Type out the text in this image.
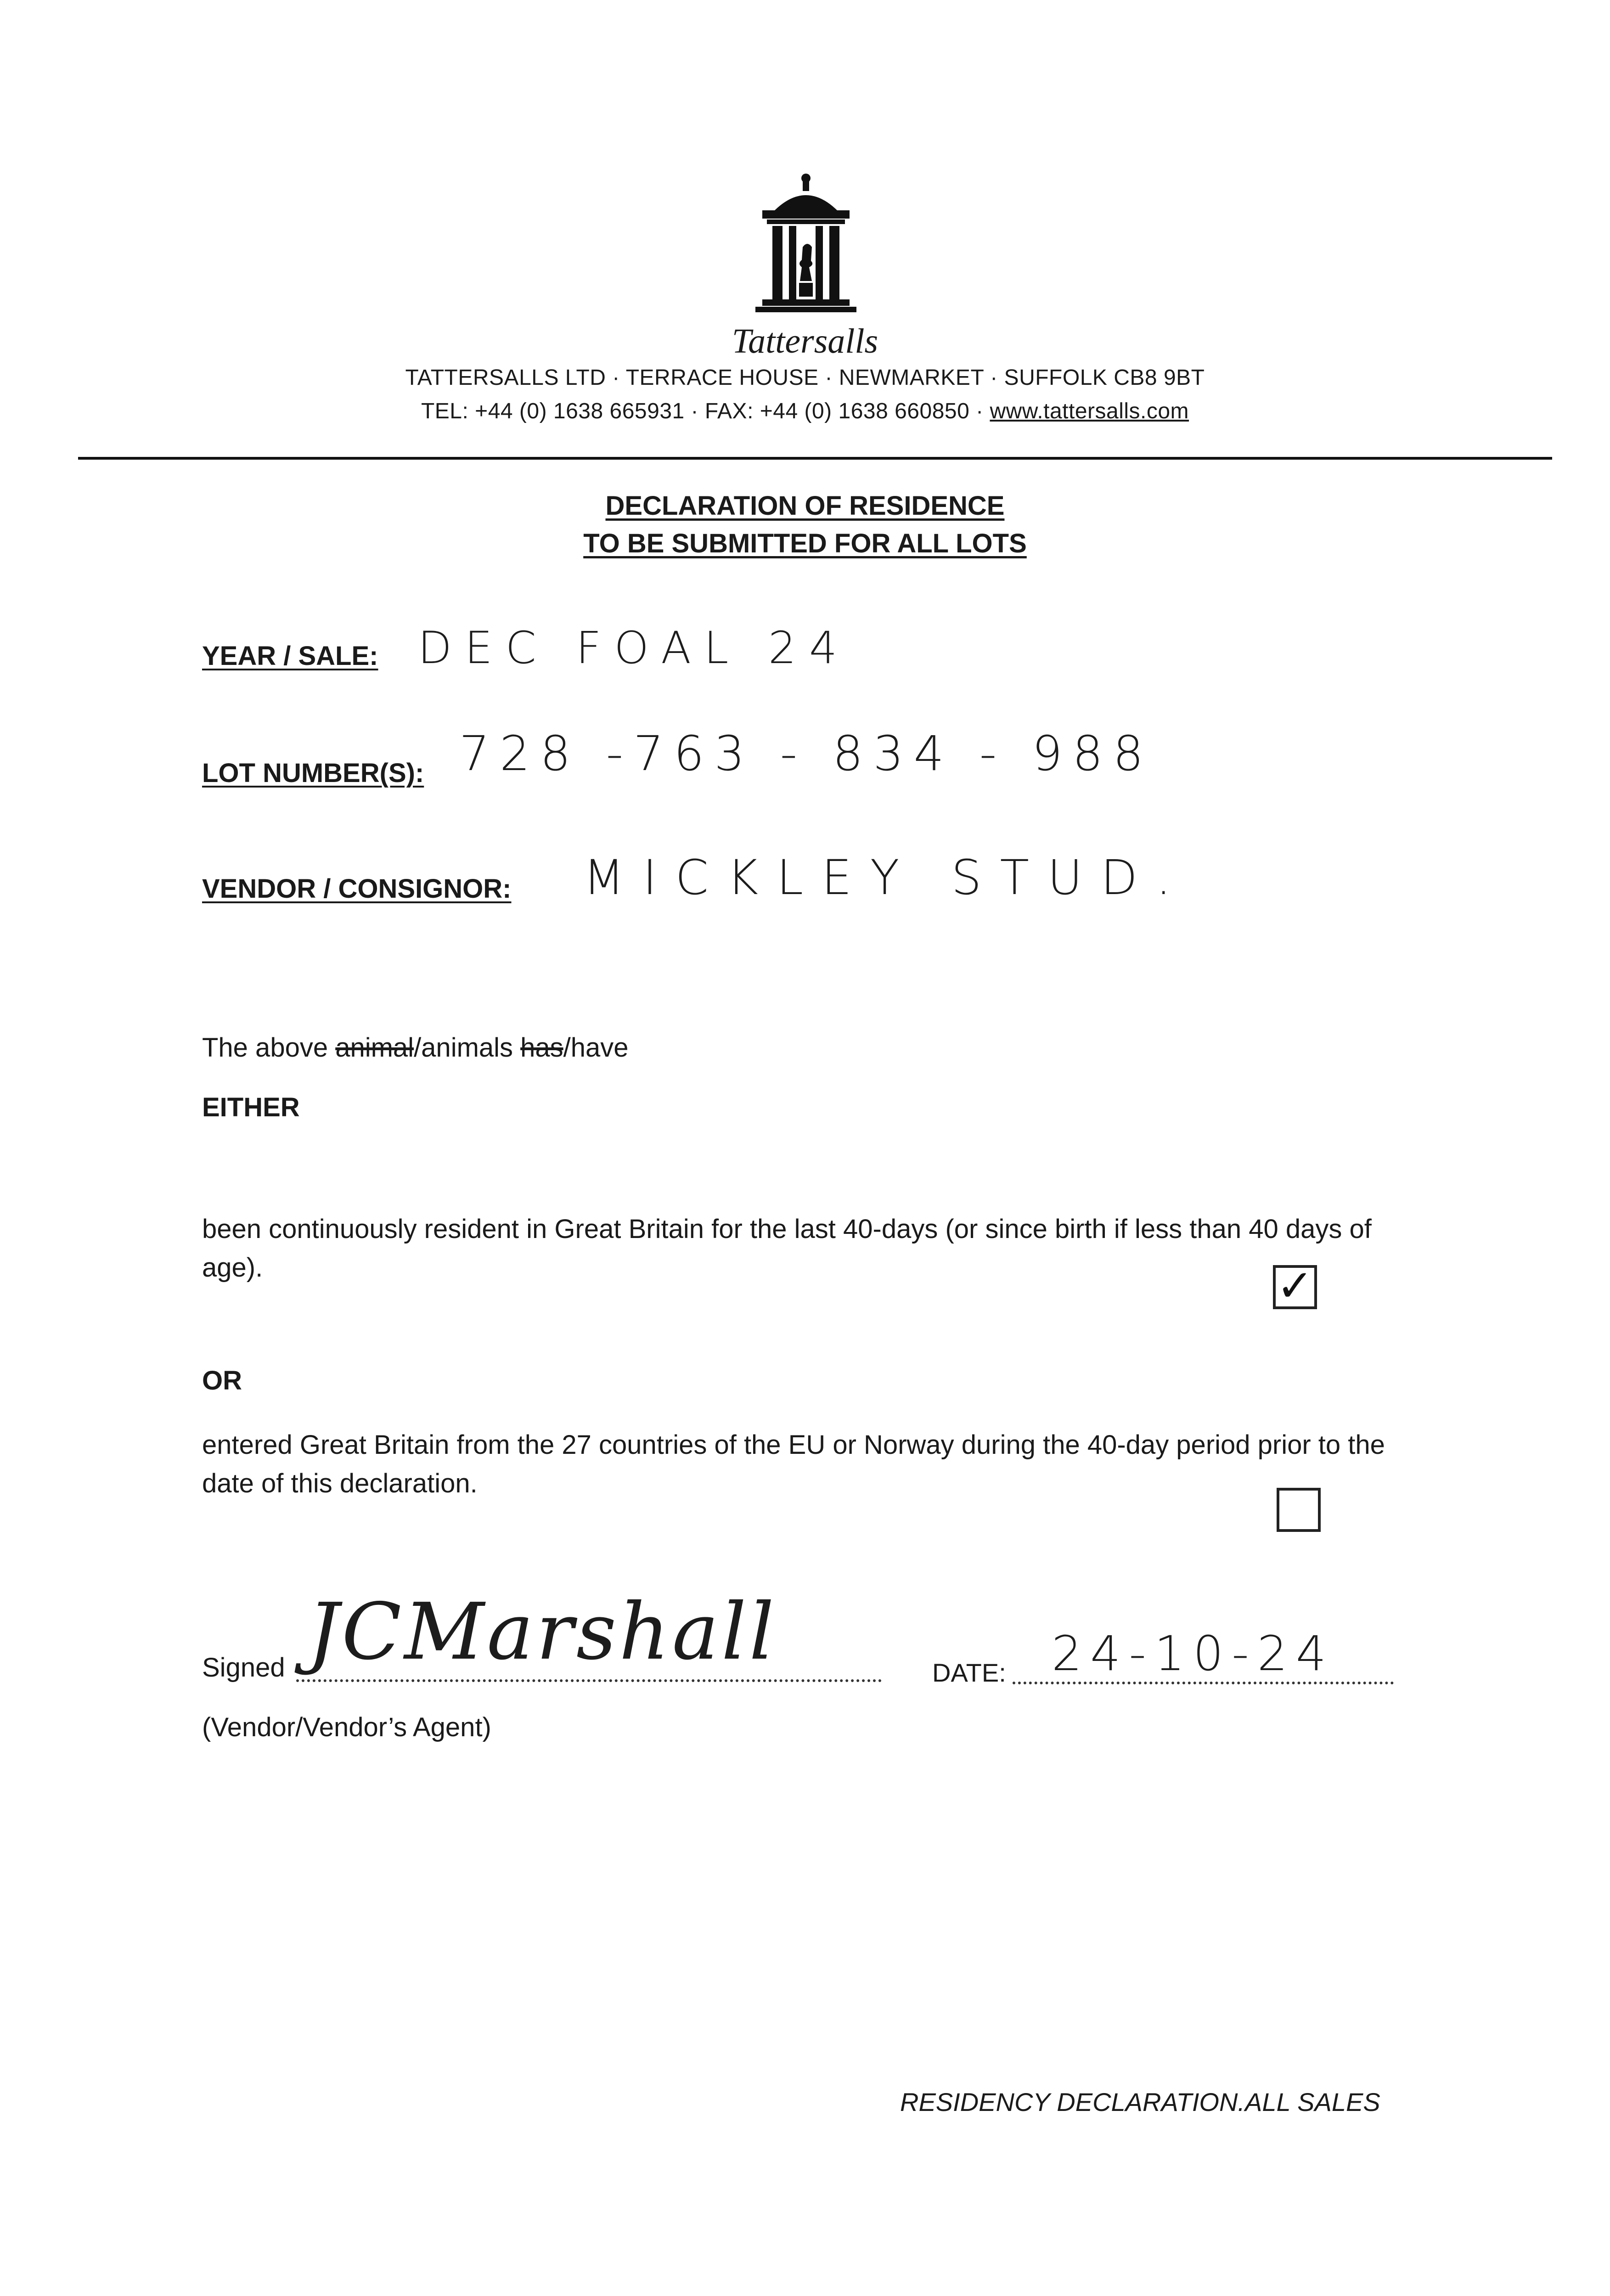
Tattersalls
TATTERSALLS LTD · TERRACE HOUSE · NEWMARKET · SUFFOLK CB8 9BT
TEL: +44 (0) 1638 665931 · FAX: +44 (0) 1638 660850 · www.tattersalls.com
DECLARATION OF RESIDENCE
TO BE SUBMITTED FOR ALL LOTS
YEAR / SALE: DEC FOAL 24
LOT NUMBER(S): 728 -763 - 834 - 988
VENDOR / CONSIGNOR: MICKLEY STUD.
The above animal/animals has/have
EITHER
been continuously resident in Great Britain for the last 40-days (or since birth if less than 40 days of age).	✓
OR
entered Great Britain from the 27 countries of the EU or Norway during the 40-day period prior to the date of this declaration.
Signed JCMarshall	DATE: 24-10-24
(Vendor/Vendor’s Agent)
RESIDENCY DECLARATION.ALL SALES
